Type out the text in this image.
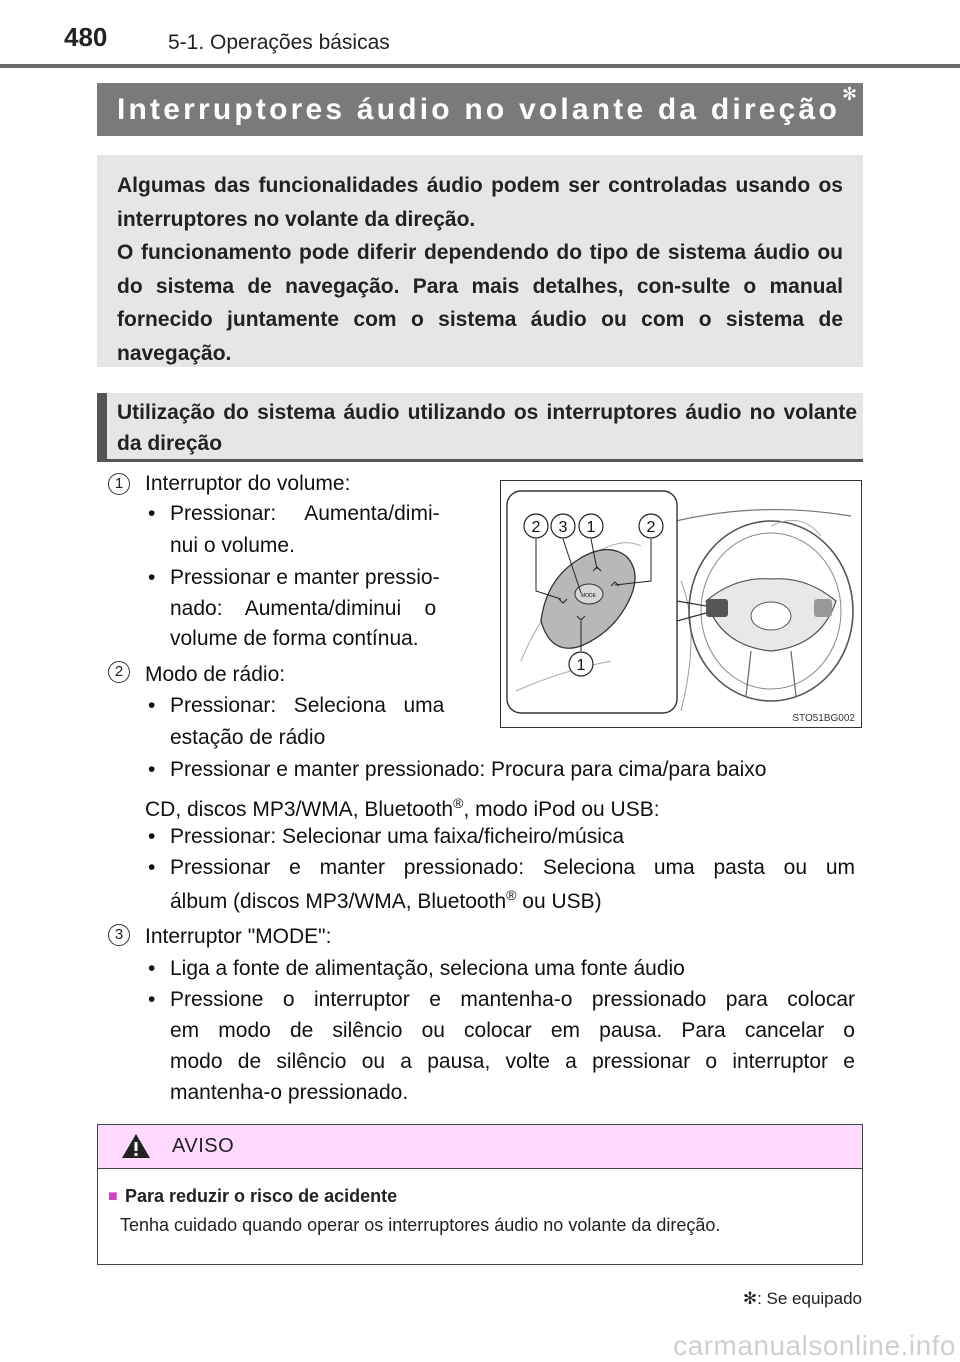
480	5-1. Operações básicas
Interruptores áudio no volante da direção ✻

Algumas das funcionalidades áudio podem ser controladas usando os interruptores no volante da direção.

O funcionamento pode diferir dependendo do tipo de sistema áudio ou do sistema de navegação. Para mais detalhes, con-sulte o manual fornecido juntamente com o sistema áudio ou com o sistema de navegação.

Utilização do sistema áudio utilizando os interruptores áudio no volante da direção
1	Interruptor do volume:
• Pressionar:     Aumenta/dimi-
nui o volume.
• Pressionar e manter pressio-
nado:    Aumenta/diminui    o
volume de forma contínua.
2	Modo de rádio:
• Pressionar:   Seleciona   uma
estação de rádio
• Pressionar e manter pressionado: Procura para cima/para baixo
CD, discos MP3/WMA, Bluetooth®, modo iPod ou USB:
• Pressionar: Selecionar uma faixa/ficheiro/música
• Pressionar e manter pressionado: Seleciona uma pasta ou um
álbum (discos MP3/WMA, Bluetooth® ou USB)
3	Interruptor "MODE":
• Liga a fonte de alimentação, seleciona uma fonte áudio
• Pressione o interruptor e mantenha-o pressionado para colocar
em modo de silêncio ou colocar em pausa. Para cancelar o
modo de silêncio ou a pausa, volte a pressionar o interruptor e
mantenha-o pressionado.
MODE
2 3 1	2
1
STO51BG002
AVISO
■ Para reduzir o risco de acidente
Tenha cuidado quando operar os interruptores áudio no volante da direção.
✻: Se equipado
carmanualsonline.info
